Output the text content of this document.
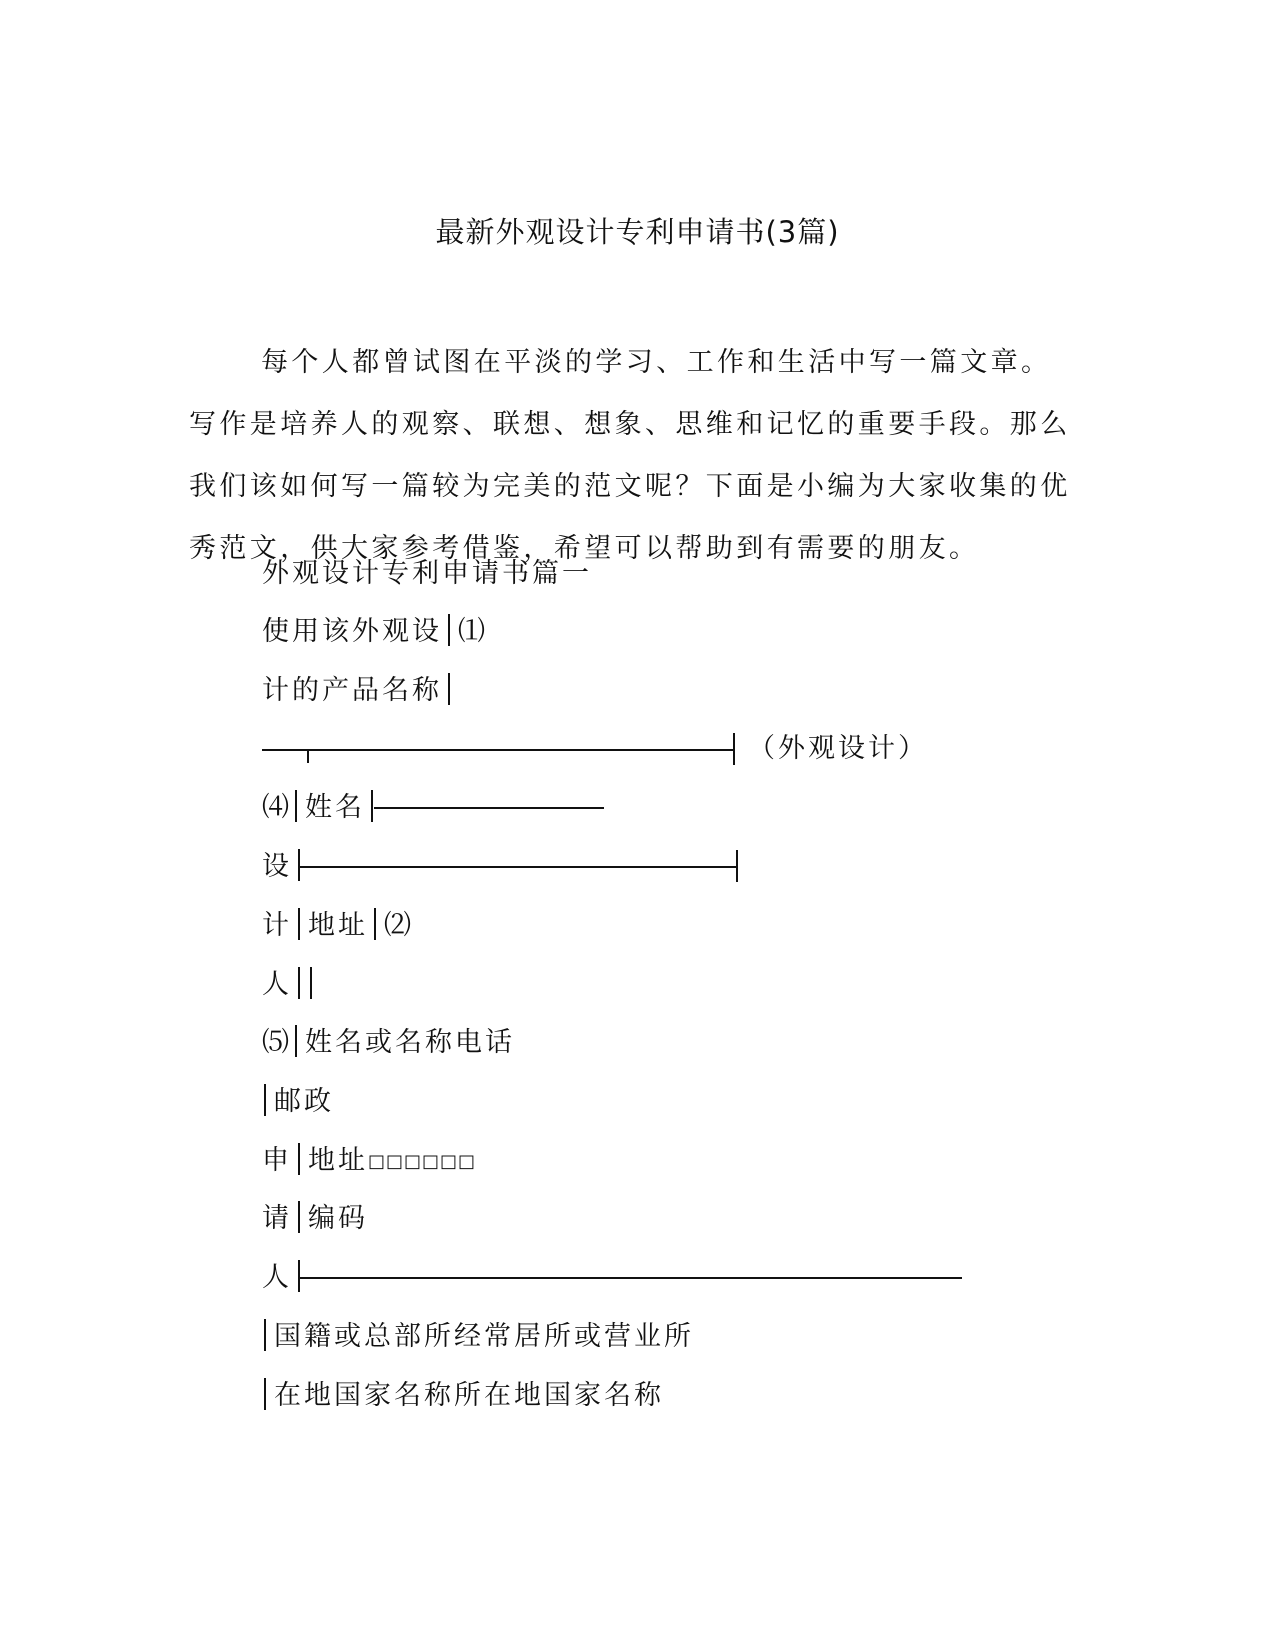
最新外观设计专利申请书(3篇)

每个人都曾试图在平淡的学习、工作和生活中写一篇文章。写作是培养人的观察、联想、想象、思维和记忆的重要手段。那么我们该如何写一篇较为完美的范文呢？下面是小编为大家收集的优秀范文，供大家参考借鉴，希望可以帮助到有需要的朋友。

外观设计专利申请书篇一
使用该外观设 ⑴
计的产品名称
（外观设计）
⑷ 姓名
设
计 地址 ⑵
人
⑸ 姓名或名称电话
邮政
申 地址□□□□□□
请 编码
人
国籍或总部所经常居所或营业所
在地国家名称所在地国家名称
